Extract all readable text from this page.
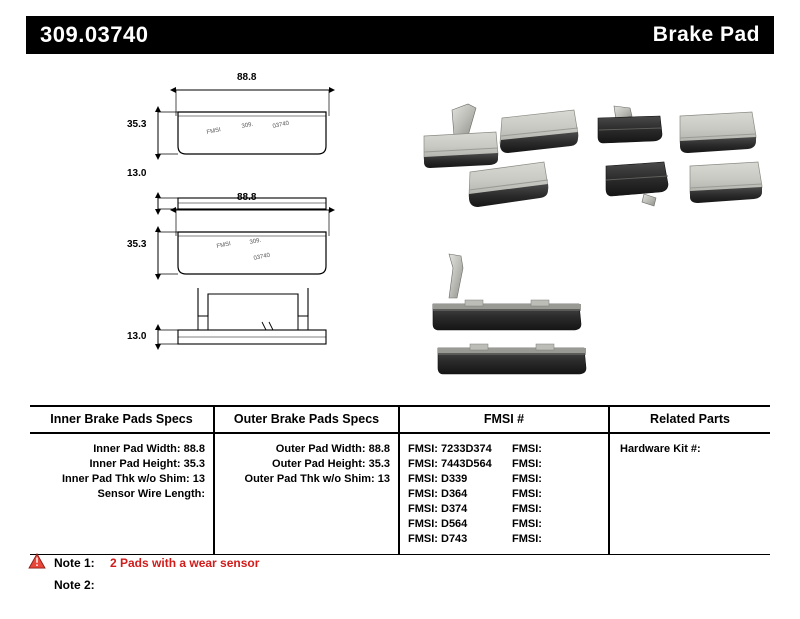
309.03740	Brake Pad
FMSI
309.	03740
FMSI	309.
03740
88.8
35.3
13.0
88.8
35.3
13.0
Inner Brake Pads Specs	Outer Brake Pads Specs	FMSI #	Related Parts
Inner Pad Width: 88.8
Inner Pad Height: 35.3
Inner Pad Thk w/o Shim: 13
Sensor Wire Length:
Outer Pad Width: 88.8
Outer Pad Height: 35.3
Outer Pad Thk w/o Shim: 13
FMSI: 7233D374	FMSI:
FMSI: 7443D564	FMSI:
FMSI: D339	FMSI:
FMSI: D364	FMSI:
FMSI: D374	FMSI:
FMSI: D564	FMSI:
FMSI: D743	FMSI:
Hardware Kit #:
Note 1:	2 Pads with a wear sensor
Note 2:
